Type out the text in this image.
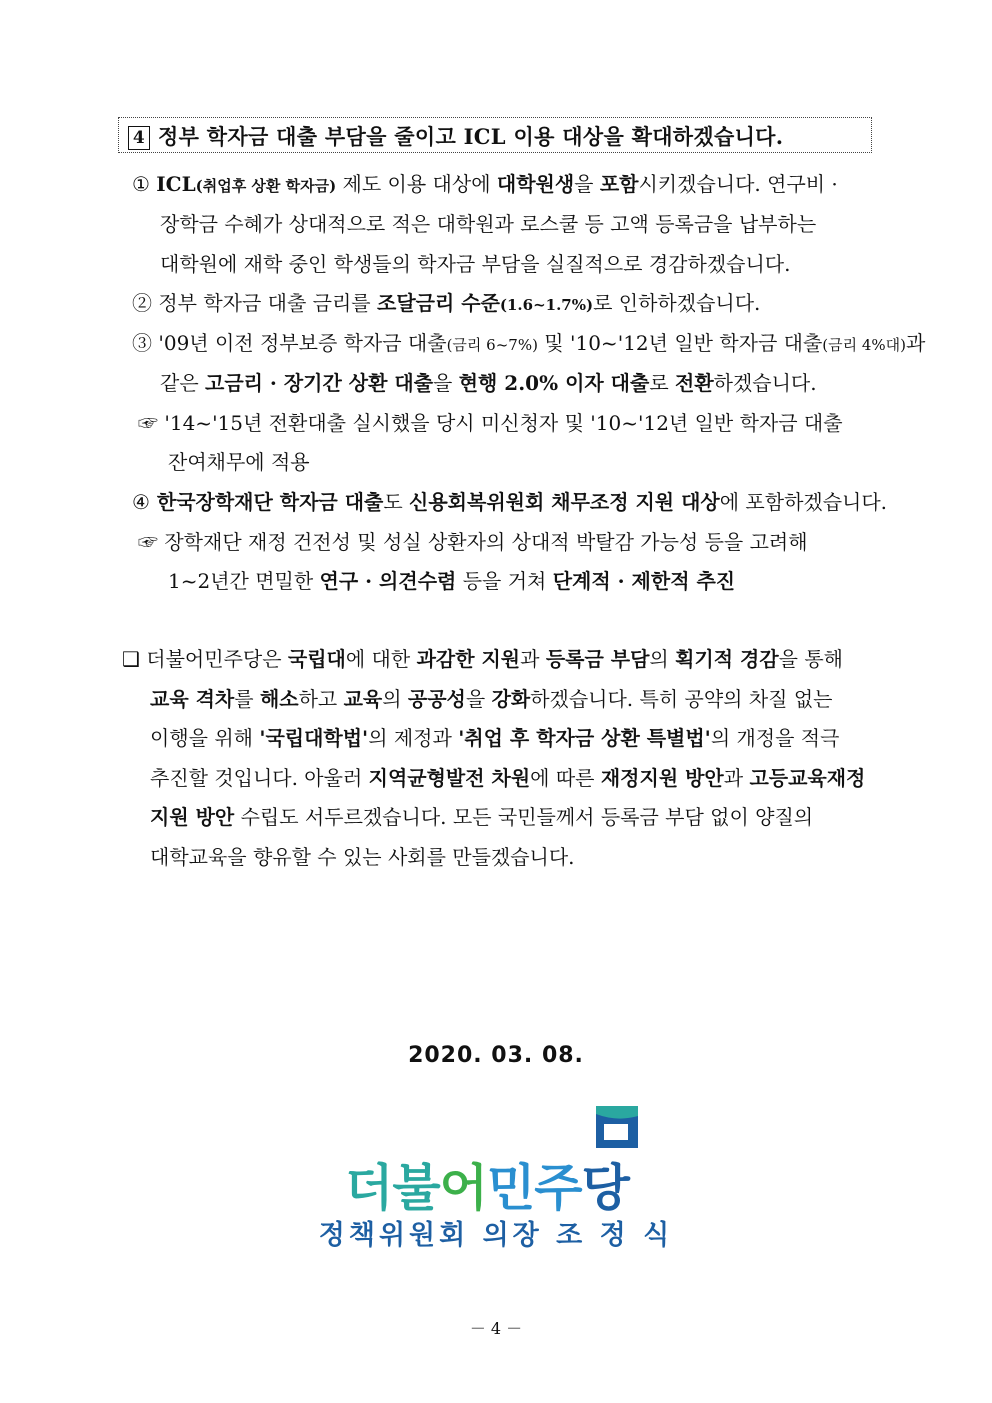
4 정부 학자금 대출 부담을 줄이고 ICL 이용 대상을 확대하겠습니다.
① ICL(취업후 상환 학자금) 제도 이용 대상에 대학원생을 포함시키겠습니다. 연구비 ·
장학금 수혜가 상대적으로 적은 대학원과 로스쿨 등 고액 등록금을 납부하는
대학원에 재학 중인 학생들의 학자금 부담을 실질적으로 경감하겠습니다.
② 정부 학자금 대출 금리를 조달금리 수준(1.6~1.7%)로 인하하겠습니다.
③ '09년 이전 정부보증 학자금 대출(금리 6~7%) 및 '10~'12년 일반 학자금 대출(금리 4%대)과
같은 고금리 · 장기간 상환 대출을 현행 2.0% 이자 대출로 전환하겠습니다.
☞ '14~'15년 전환대출 실시했을 당시 미신청자 및 '10~'12년 일반 학자금 대출
잔여채무에 적용
④ 한국장학재단 학자금 대출도 신용회복위원회 채무조정 지원 대상에 포함하겠습니다.
☞ 장학재단 재정 건전성 및 성실 상환자의 상대적 박탈감 가능성 등을 고려해
1~2년간 면밀한 연구 · 의견수렴 등을 거쳐 단계적 · 제한적 추진
❑ 더불어민주당은 국립대에 대한 과감한 지원과 등록금 부담의 획기적 경감을 통해
교육 격차를 해소하고 교육의 공공성을 강화하겠습니다. 특히 공약의 차질 없는
이행을 위해 '국립대학법'의 제정과 '취업 후 학자금 상환 특별법'의 개정을 적극
추진할 것입니다. 아울러 지역균형발전 차원에 따른 재정지원 방안과 고등교육재정
지원 방안 수립도 서두르겠습니다. 모든 국민들께서 등록금 부담 없이 양질의
대학교육을 향유할 수 있는 사회를 만들겠습니다.
2020. 03. 08.
더불어민주당
정책위원회 의장 조 정 식
－ 4 －
